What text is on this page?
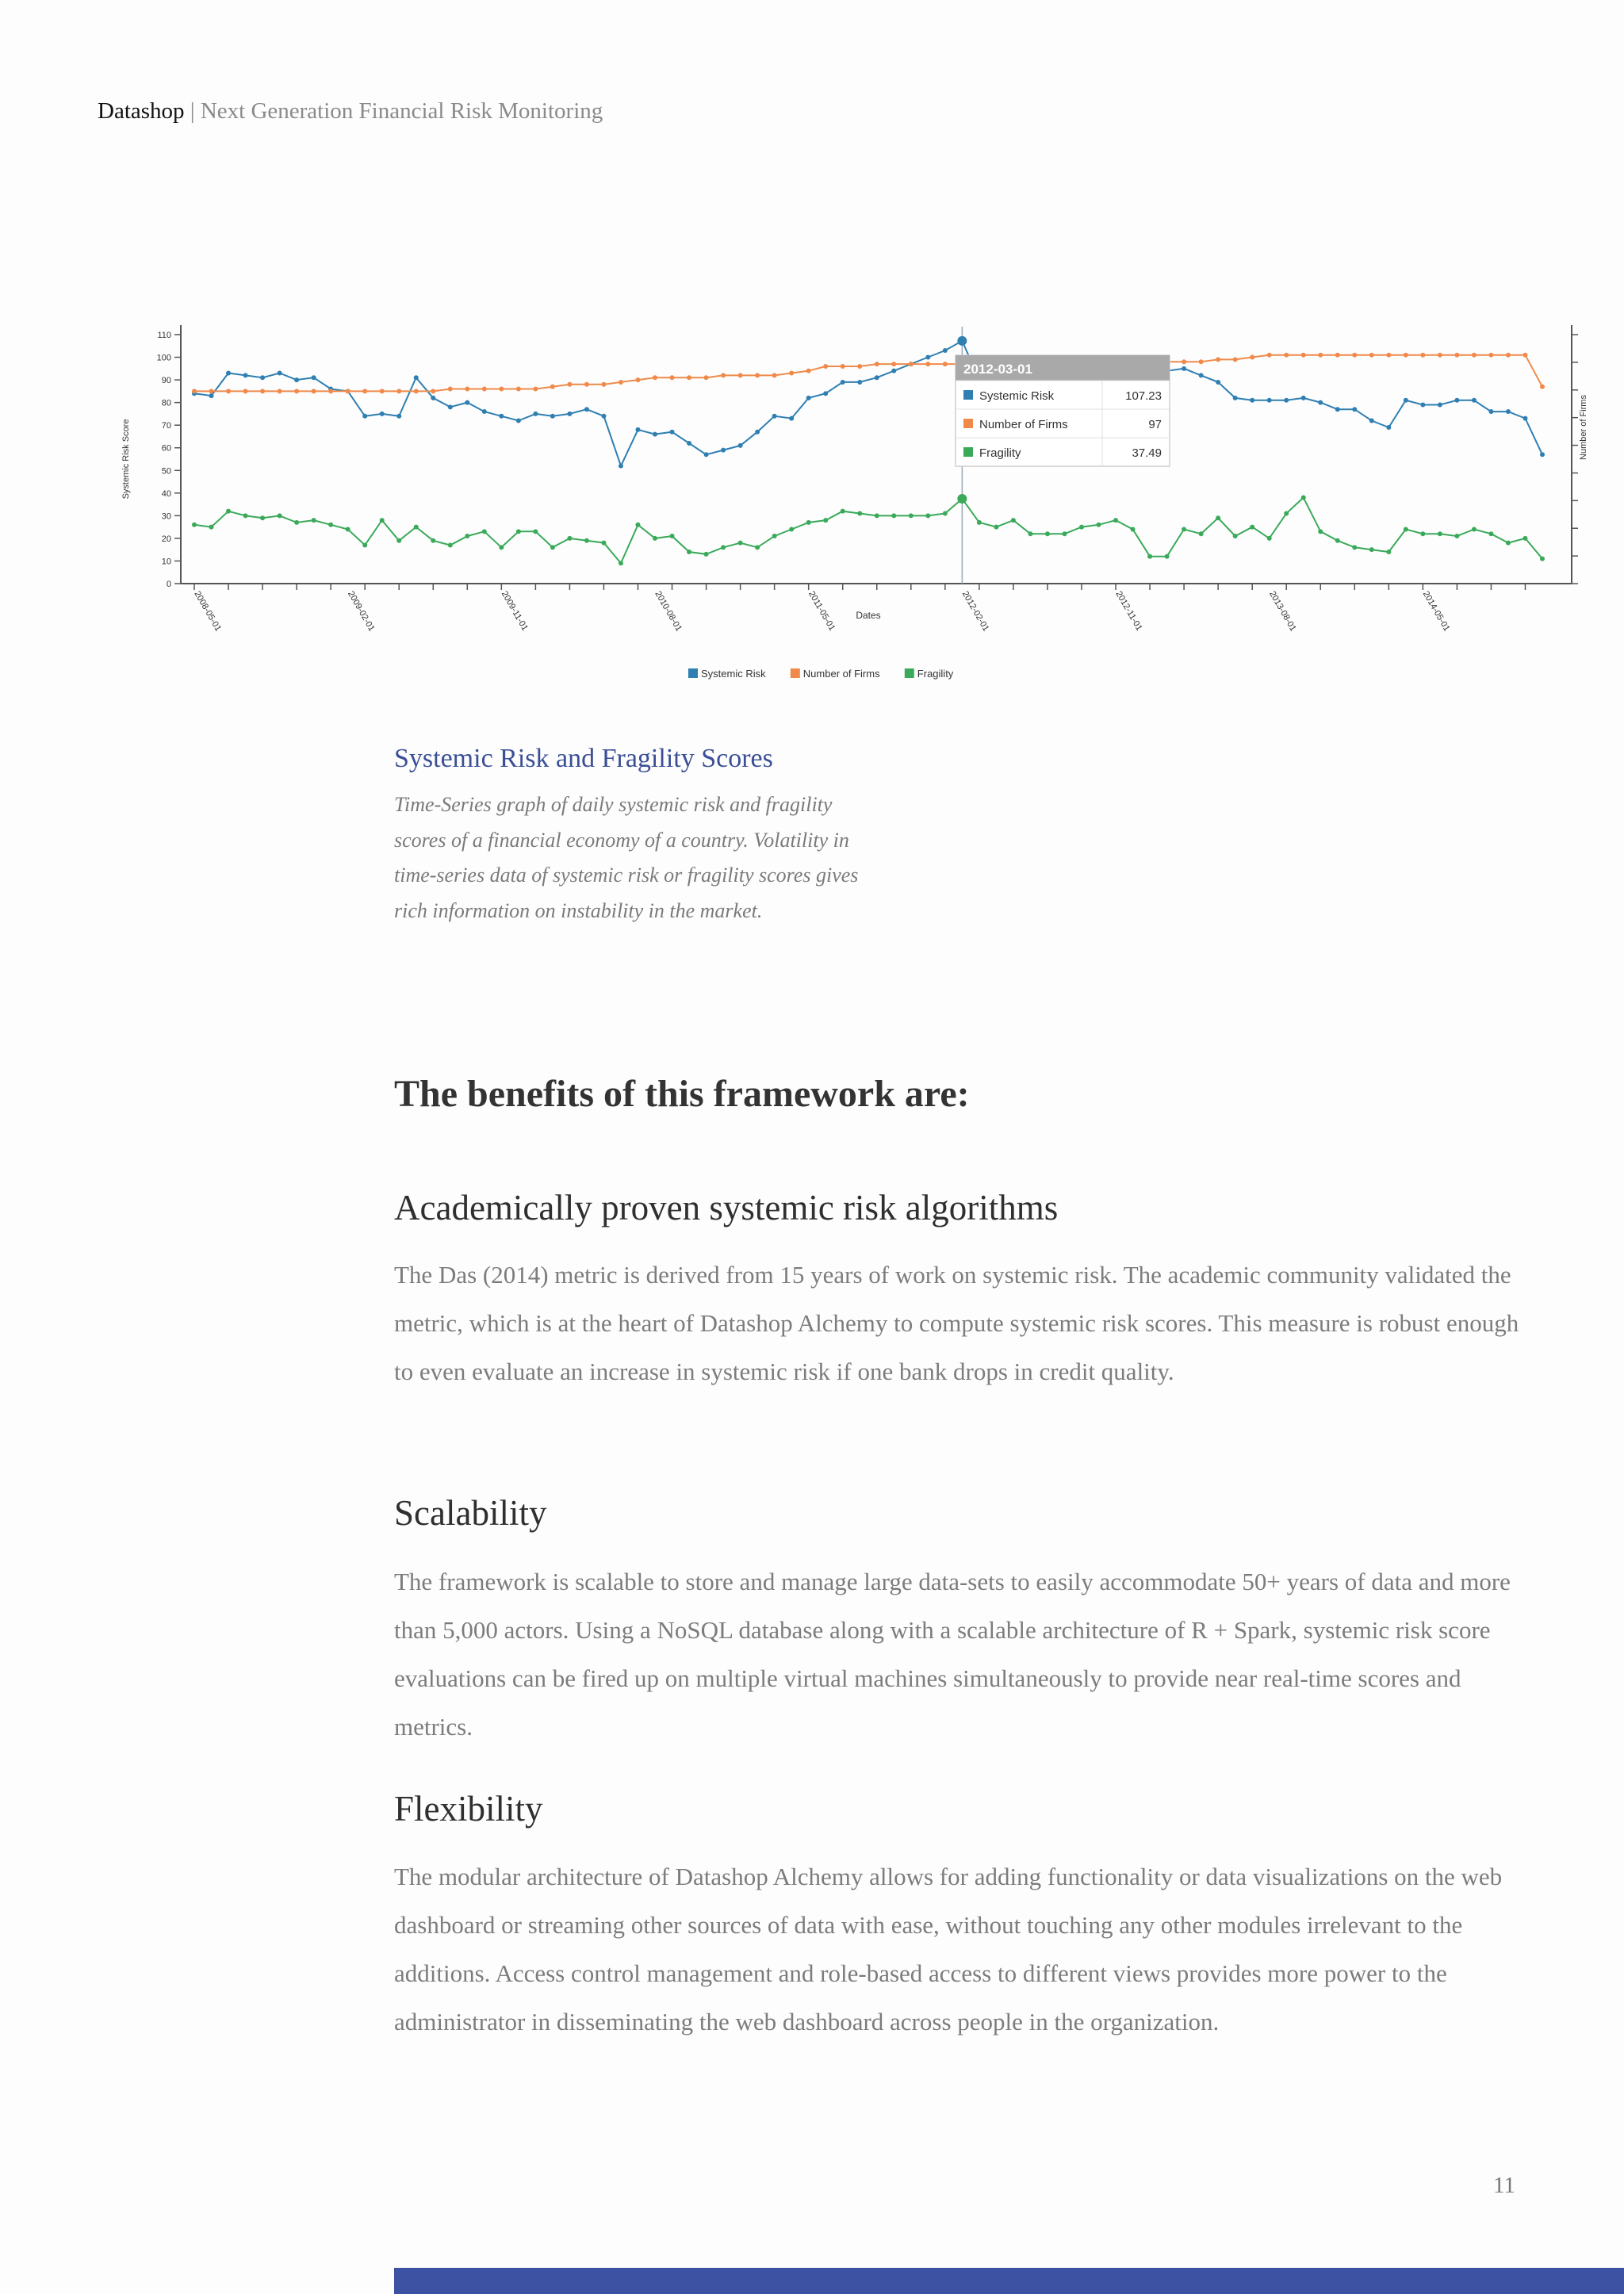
Datashop | Next Generation Financial Risk Monitoring
0
10
20
30
40
50
60
70
80
90
100
110
2008-05-01	2009-02-01	2009-11-01	2010-08-01	2011-05-01	2012-02-01	2012-11-01	2013-08-01	2014-05-01
Systemic Risk Score	Number of Firms
Dates
2012-03-01
Systemic Risk	107.23
Number of Firms	97
Fragility	37.49
Systemic Risk	Number of Firms	Fragility
Systemic Risk and Fragility Scores
Time-Series graph of daily systemic risk and fragility scores of a financial economy of a country. Volatility in time-series data of systemic risk or fragility scores gives rich information on instability in the market.
The benefits of this framework are:
Academically proven systemic risk algorithms
The Das (2014) metric is derived from 15 years of work on systemic risk. The academic community validated the metric, which is at the heart of Datashop Alchemy to compute systemic risk scores. This measure is robust enough to even evaluate an increase in systemic risk if one bank drops in credit quality.
Scalability
The framework is scalable to store and manage large data-sets to easily accommodate 50+ years of data and more than 5,000 actors. Using a NoSQL database along with a scalable architecture of R + Spark, systemic risk score evaluations can be fired up on multiple virtual machines simultaneously to provide near real-time scores and metrics.
Flexibility
The modular architecture of Datashop Alchemy allows for adding functionality or data visualizations on the web dashboard or streaming other sources of data with ease, without touching any other modules irrelevant to the additions. Access control management and role-based access to different views provides more power to the administrator in disseminating the web dashboard across people in the organization.
11
